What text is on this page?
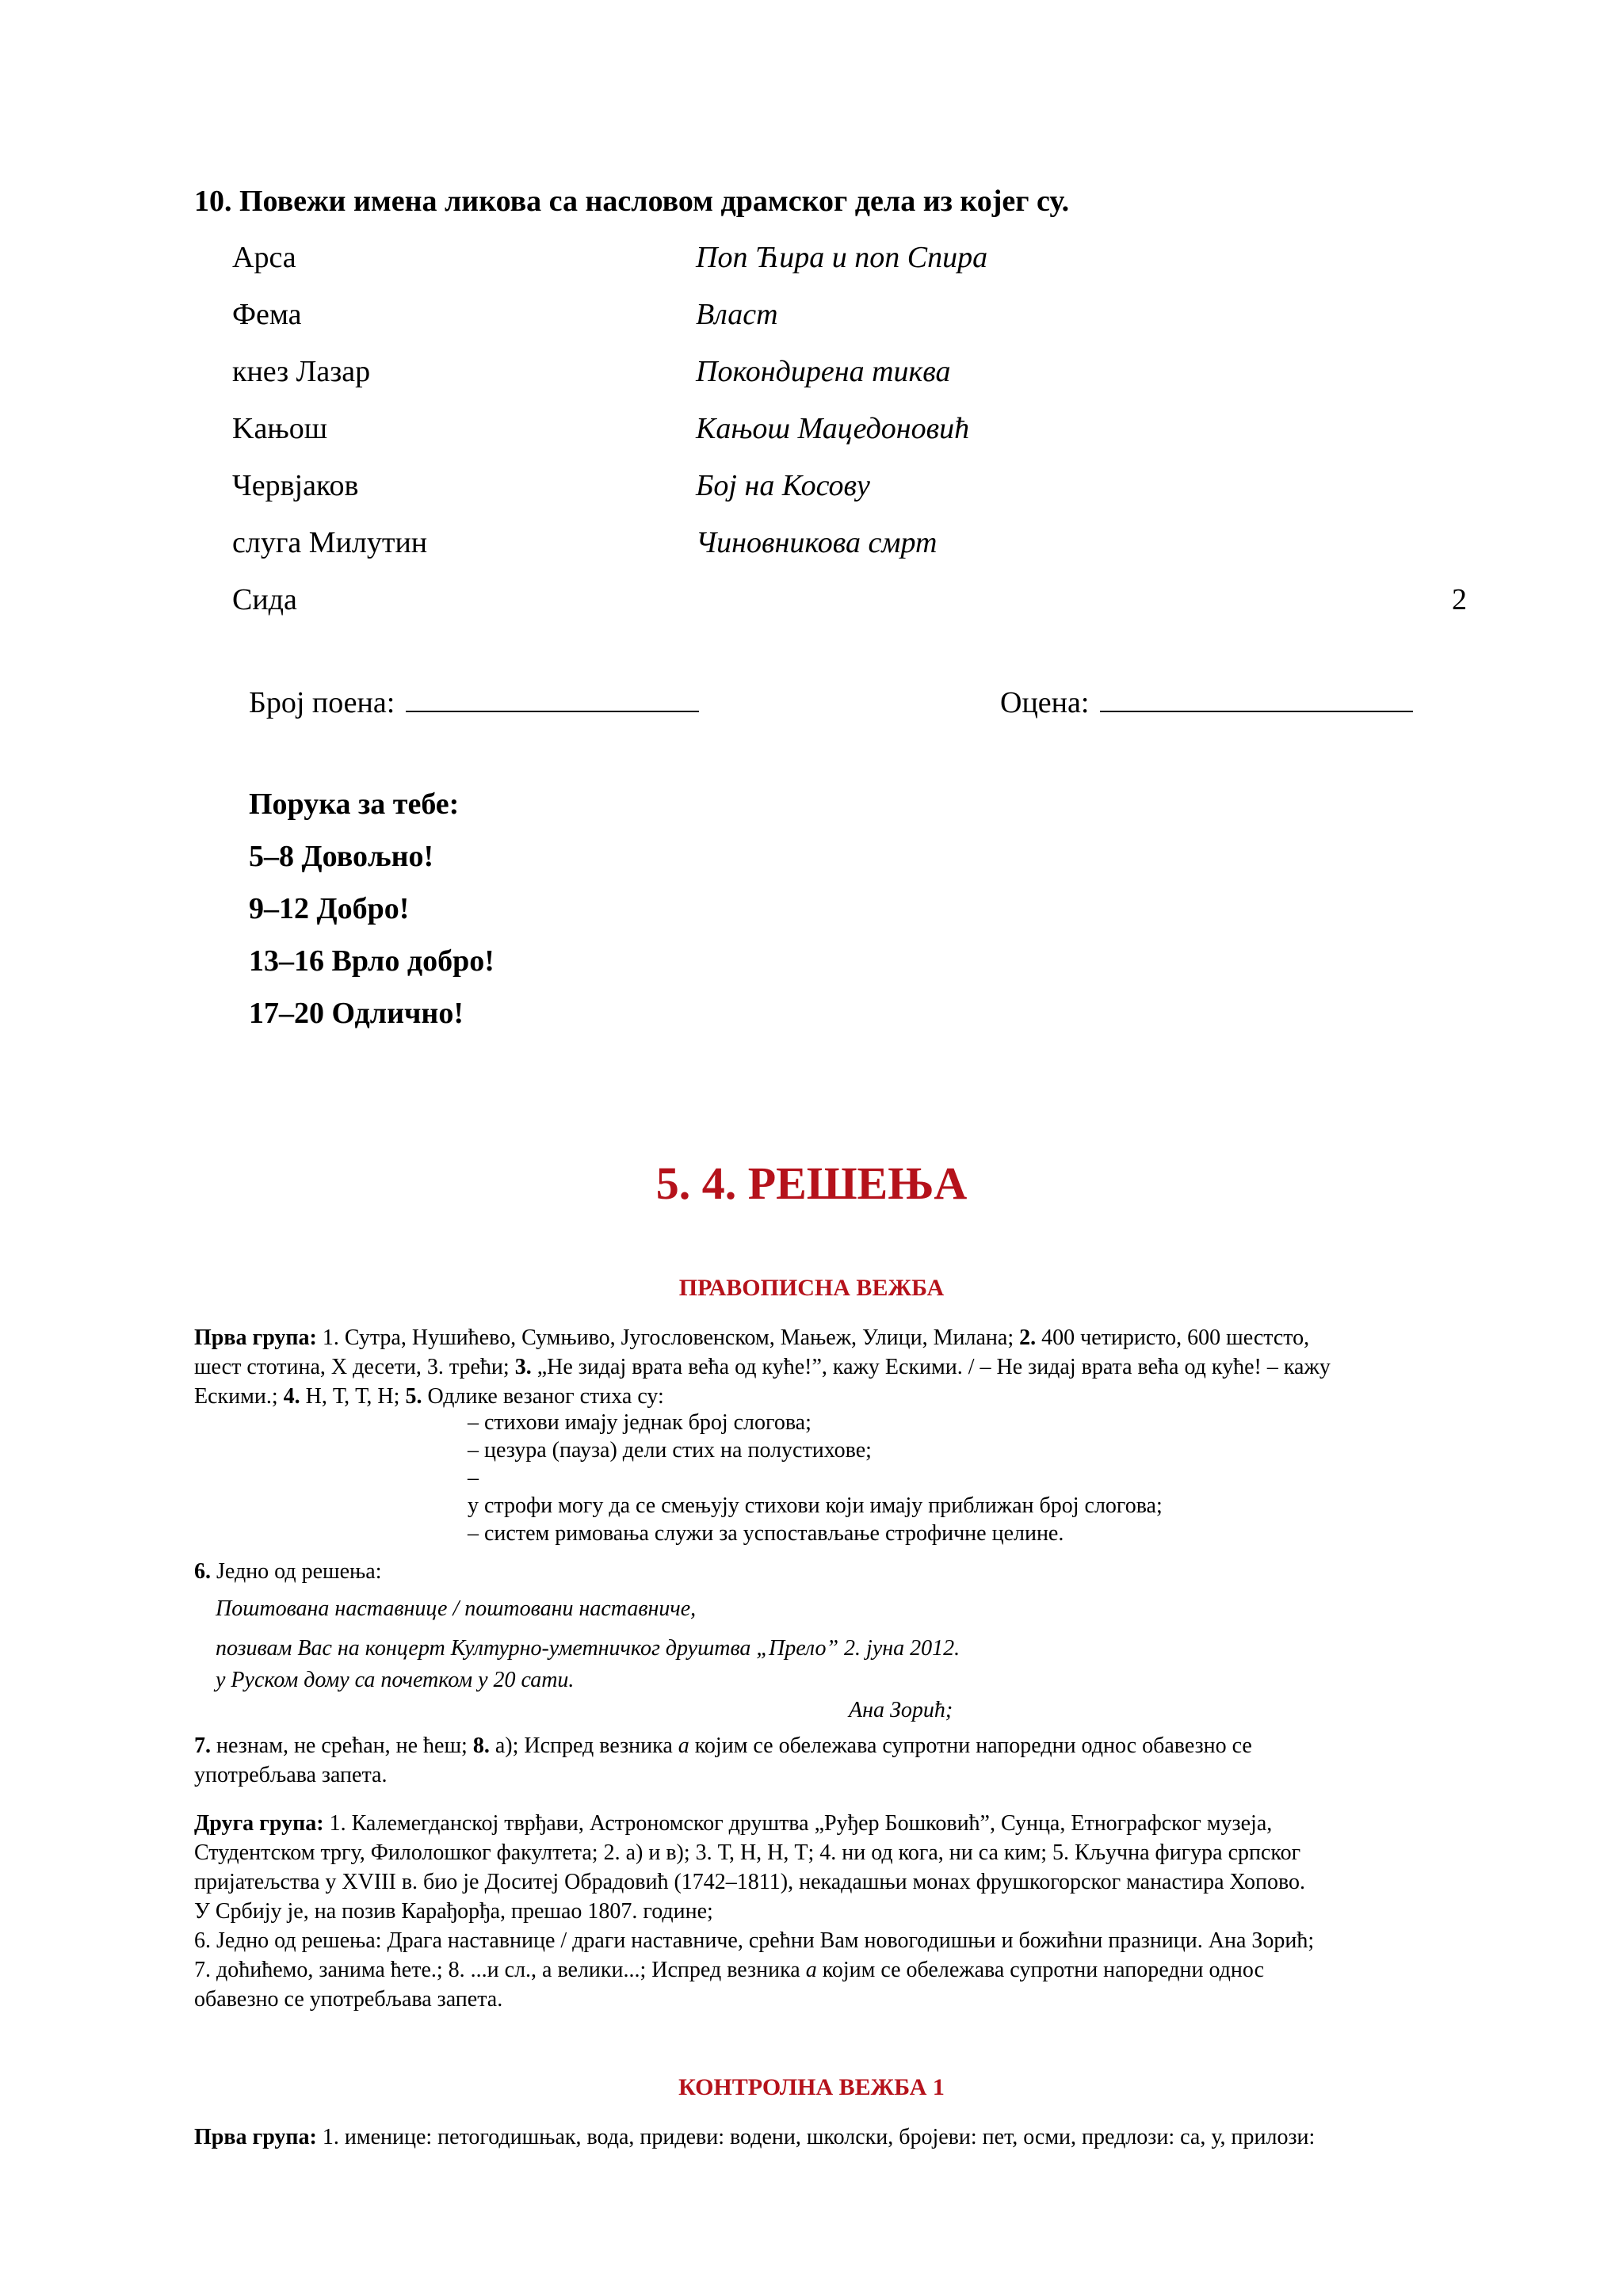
10. Повежи имена ликова са насловом драмског дела из којег су.
Арса	Поп Ћира и поп Спира
Фема	Власт
кнез Лазар	Покондирена тиква
Kањош	Kањош Мацедоновић
Червјаков	Бој на Косову
слуга Милутин	Чиновникова смрт
Сида	2
Број поена:	Оцена:
Порука за тебе:
5–8 Довољно!
9–12 Добро!
13–16 Врло добро!
17–20 Одлично!
5. 4. РЕШЕЊА
ПРАВОПИСНА ВЕЖБА
Прва група: 1. Сутра, Нушићево, Сумњиво, Југословенском, Мањеж, Улици, Милана; 2. 400 четиристо, 600 шестсто,
шест стотина, X десети, 3. трећи; 3. „Не зидај врата већа од куће!”, кажу Ескими. / – Не зидај врата већа од куће! – кажу
Ескими.; 4. Н, Т, Т, Н; 5. Одлике везаног стиха су:
– стихови имају једнак број слогова;
– цезура (пауза) дели стих на полустихове;
–
у строфи могу да се смењују стихови који имају приближан број слогова;
– систем римовања служи за успостављање строфичне целине.
6. Једно од решења:
Поштована наставнице / поштовани наставниче,
позивам Вас на концерт Културно-уметничког друштва „Прело” 2. јуна 2012.
у Руском дому са почетком у 20 сати.
Ана Зорић;
7. незнам, не срећан, не ћеш; 8. а); Испред везника а којим се обележава супротни напоредни однос обавезно се
употребљава запета.
Друга група: 1. Калемегданској тврђави, Астрономског друштва „Руђер Бошковић”, Сунца, Етнографског музеја,
Студентском тргу, Филолошког факултета; 2. а) и в); 3. Т, Н, Н, Т; 4. ни од кога, ни са ким; 5. Кључна фигура српског
пријатељства у XVIII в. био је Доситеј Обрадовић (1742–1811), некадашњи монах фрушкогорског манастира Хопово.
У Србију је, на позив Карађорђа, прешао 1807. године;
6. Једно од решења: Драга наставнице / драги наставниче, срећни Вам новогодишњи и божићни празници. Ана Зорић;
7. доћићемо, занима ћете.; 8. ...и сл., а велики...; Испред везника а којим се обележава супротни напоредни однос
обавезно се употребљава запета.
КОНТРОЛНА ВЕЖБА 1
Прва група: 1. именице: петогодишњак, вода, придеви: водени, школски, бројеви: пет, осми, предлози: са, у, прилози:
